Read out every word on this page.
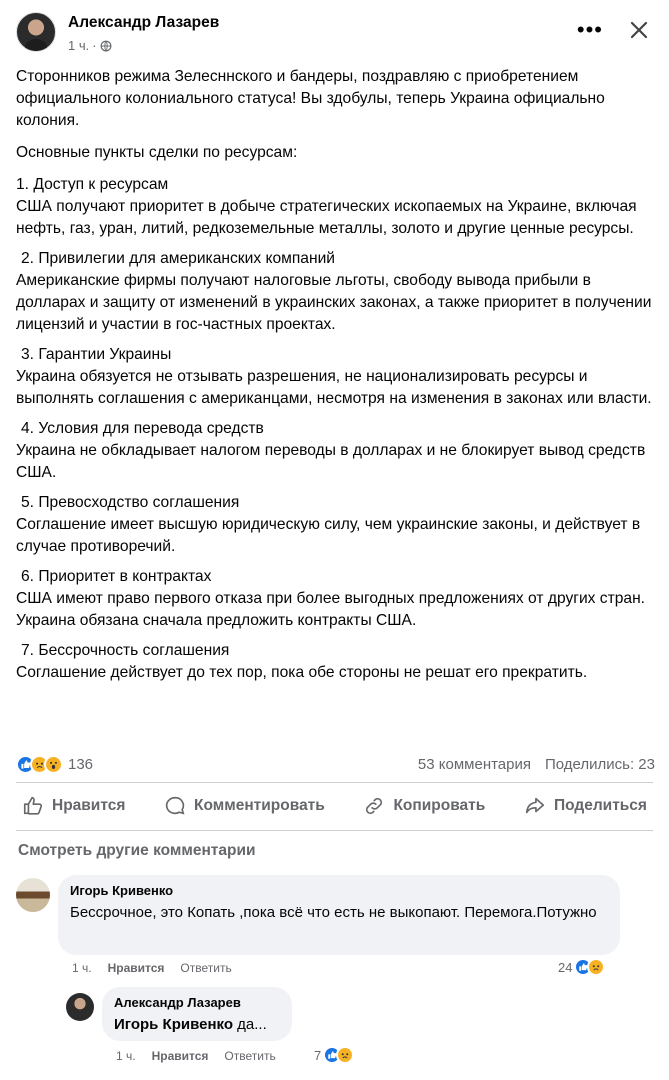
Александр Лазарев
1 ч. ·
•••

Сторонников режима Зелесннского и бандеры, поздравляю с приобретением официального колониального статуса! Вы здобулы, теперь Украина официально колония.

Основные пункты сделки по ресурсам:

1. Доступ к ресурсам
США получают приоритет в добыче стратегических ископаемых на Украине, включая нефть, газ, уран, литий, редкоземельные металлы, золото и другие ценные ресурсы.
2. Привилегии для американских компаний
Американские фирмы получают налоговые льготы, свободу вывода прибыли в долларах и защиту от изменений в украинских законах, а также приоритет в получении лицензий и участии в гос-частных проектах.
3. Гарантии Украины
Украина обязуется не отзывать разрешения, не национализировать ресурсы и выполнять соглашения с американцами, несмотря на изменения в законах или власти.
4. Условия для перевода средств
Украина не обкладывает налогом переводы в долларах и не блокирует вывод средств США.
5. Превосходство соглашения
Соглашение имеет высшую юридическую силу, чем украинские законы, и действует в случае противоречий.
6. Приоритет в контрактах
США имеют право первого отказа при более выгодных предложениях от других стран. Украина обязана сначала предложить контракты США.
7. Бессрочность соглашения
Соглашение действует до тех пор, пока обе стороны не решат его прекратить.
136	53 комментария Поделились: 23
Нравится	Комментировать	Копировать	Поделиться
Смотреть другие комментарии
Игорь Кривенко
Бессрочное, это Копать ,пока всё что есть не выкопают. Перемога.Потужно
1 ч. Нравится Ответить	24
Александр Лазарев
Игорь Кривенко да...
1 ч. Нравится Ответить	7
